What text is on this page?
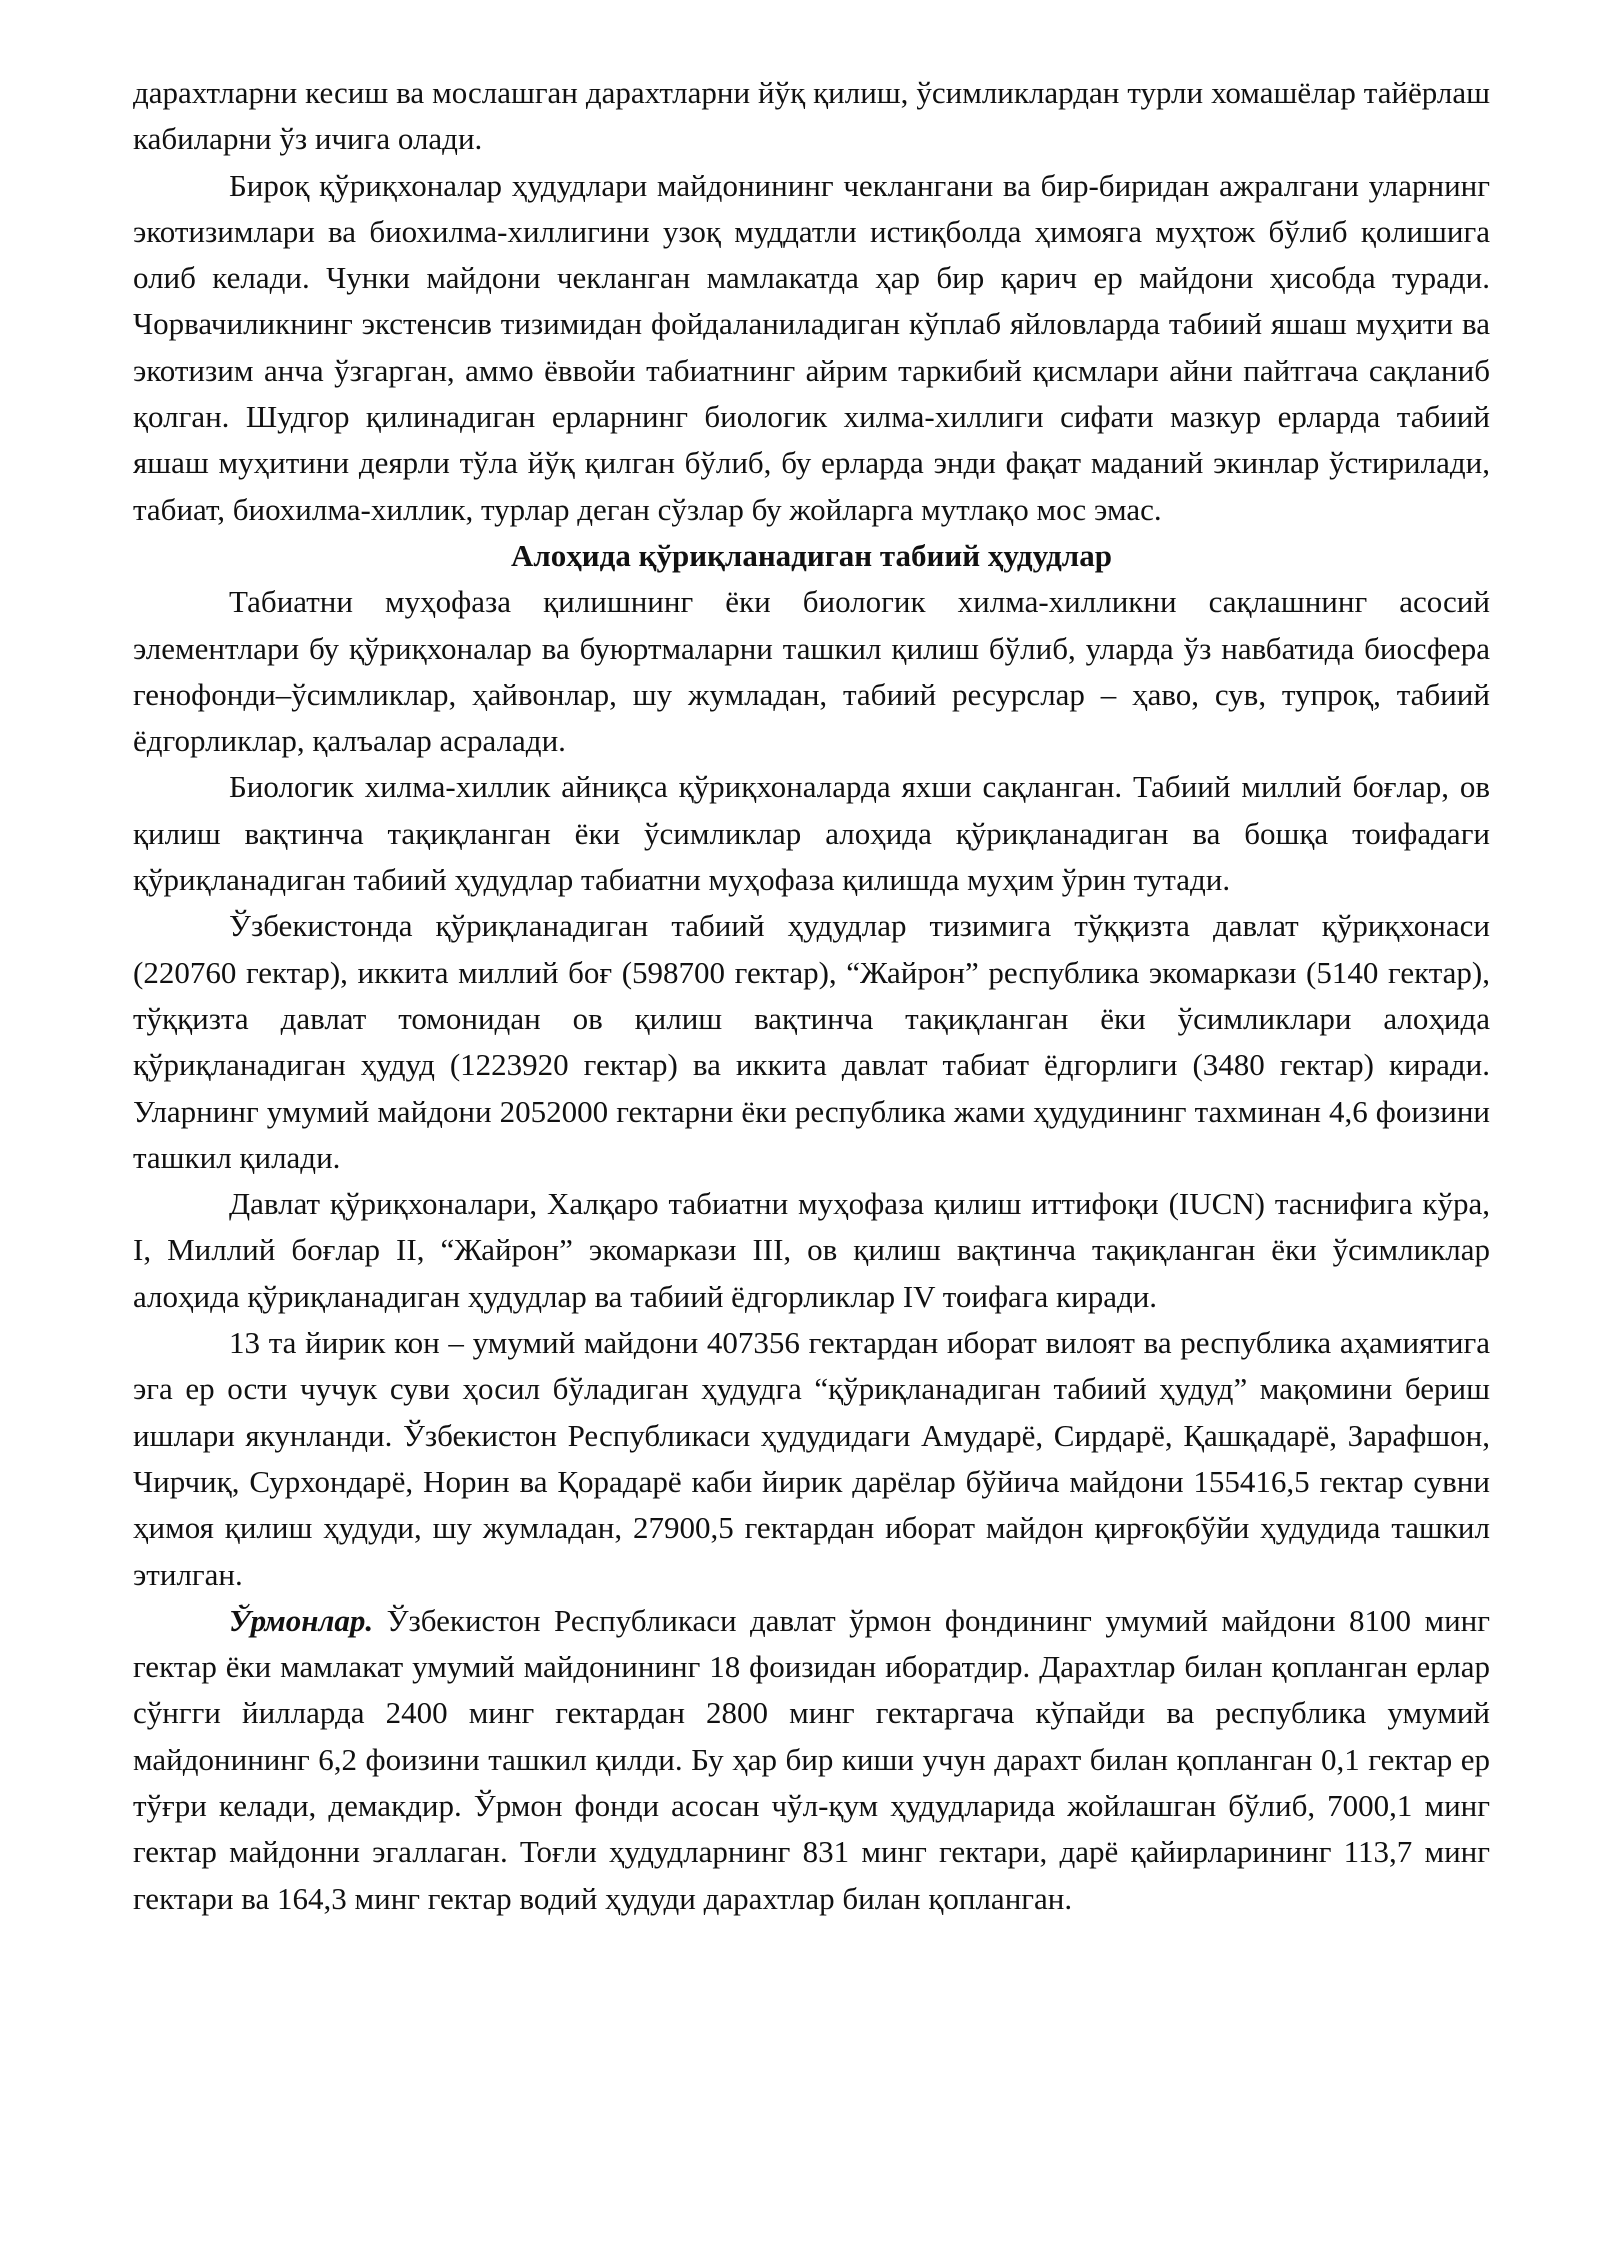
дарахтларни кесиш ва мослашган дарахтларни йўқ қилиш, ўсимликлардан турли хомашёлар тайёрлаш кабиларни ўз ичига олади.

Бироқ қўриқхоналар ҳудудлари майдонининг чеклангани ва бир-биридан ажралгани уларнинг экотизимлари ва биохилма-хиллигини узоқ муддатли истиқболда ҳимояга муҳтож бўлиб қолишига олиб келади. Чунки майдони чекланган мамлакатда ҳар бир қарич ер майдони ҳисобда туради. Чорвачиликнинг экстенсив тизимидан фойдаланиладиган кўплаб яйловларда табиий яшаш муҳити ва экотизим анча ўзгарган, аммо ёввойи табиатнинг айрим таркибий қисмлари айни пайтгача сақланиб қолган. Шудгор қилинадиган ерларнинг биологик хилма-хиллиги сифати мазкур ерларда табиий яшаш муҳитини деярли тўла йўқ қилган бўлиб, бу ерларда энди фақат маданий экинлар ўстирилади, табиат, биохилма-хиллик, турлар деган сўзлар бу жойларга мутлақо мос эмас.

Алоҳида қўриқланадиган табиий ҳудудлар

Табиатни муҳофаза қилишнинг ёки биологик хилма-хилликни сақлашнинг асосий элементлари бу қўриқхоналар ва буюртмаларни ташкил қилиш бўлиб, уларда ўз навбатида биосфера генофонди–ўсимликлар, ҳайвонлар, шу жумладан, табиий ресурслар – ҳаво, сув, тупроқ, табиий ёдгорликлар, қалъалар асралади.

Биологик хилма-хиллик айниқса қўриқхоналарда яхши сақланган. Табиий миллий боғлар, ов қилиш вақтинча тақиқланган ёки ўсимликлар алоҳида қўриқланадиган ва бошқа тоифадаги қўриқланадиган табиий ҳудудлар табиатни муҳофаза қилишда муҳим ўрин тутади.

Ўзбекистонда қўриқланадиган табиий ҳудудлар тизимига тўққизта давлат қўриқхонаси (220760 гектар), иккита миллий боғ (598700 гектар), “Жайрон” республика экомаркази (5140 гектар), тўққизта давлат томонидан ов қилиш вақтинча тақиқланган ёки ўсимликлари алоҳида қўриқланадиган ҳудуд (1223920 гектар) ва иккита давлат табиат ёдгорлиги (3480 гектар) киради. Уларнинг умумий майдони 2052000 гектарни ёки республика жами ҳудудининг тахминан 4,6 фоизини ташкил қилади.

Давлат қўриқхоналари, Халқаро табиатни муҳофаза қилиш иттифоқи (IUCN) таснифига кўра, I, Миллий боғлар II, “Жайрон” экомаркази III, ов қилиш вақтинча тақиқланган ёки ўсимликлар алоҳида қўриқланадиган ҳудудлар ва табиий ёдгорликлар IV тоифага киради.

13 та йирик кон – умумий майдони 407356 гектардан иборат вилоят ва республика аҳамиятига эга ер ости чучук суви ҳосил бўладиган ҳудудга “қўриқланадиган табиий ҳудуд” мақомини бериш ишлари якунланди. Ўзбекистон Республикаси ҳудудидаги Амударё, Сирдарё, Қашқадарё, Зарафшон, Чирчиқ, Сурхондарё, Норин ва Қорадарё каби йирик дарёлар бўйича майдони 155416,5 гектар сувни ҳимоя қилиш ҳудуди, шу жумладан, 27900,5 гектардан иборат майдон қирғоқбўйи ҳудудида ташкил этилган.

Ўрмонлар. Ўзбекистон Республикаси давлат ўрмон фондининг умумий майдони 8100 минг гектар ёки мамлакат умумий майдонининг 18 фоизидан иборатдир. Дарахтлар билан қопланган ерлар сўнгги йилларда 2400 минг гектардан 2800 минг гектаргача кўпайди ва республика умумий майдонининг 6,2 фоизини ташкил қилди. Бу ҳар бир киши учун дарахт билан қопланган 0,1 гектар ер тўғри келади, демакдир. Ўрмон фонди асосан чўл-қум ҳудудларида жойлашган бўлиб, 7000,1 минг гектар майдонни эгаллаган. Тоғли ҳудудларнинг 831 минг гектари, дарё қайирларининг 113,7 минг гектари ва 164,3 минг гектар водий ҳудуди дарахтлар билан қопланган.
